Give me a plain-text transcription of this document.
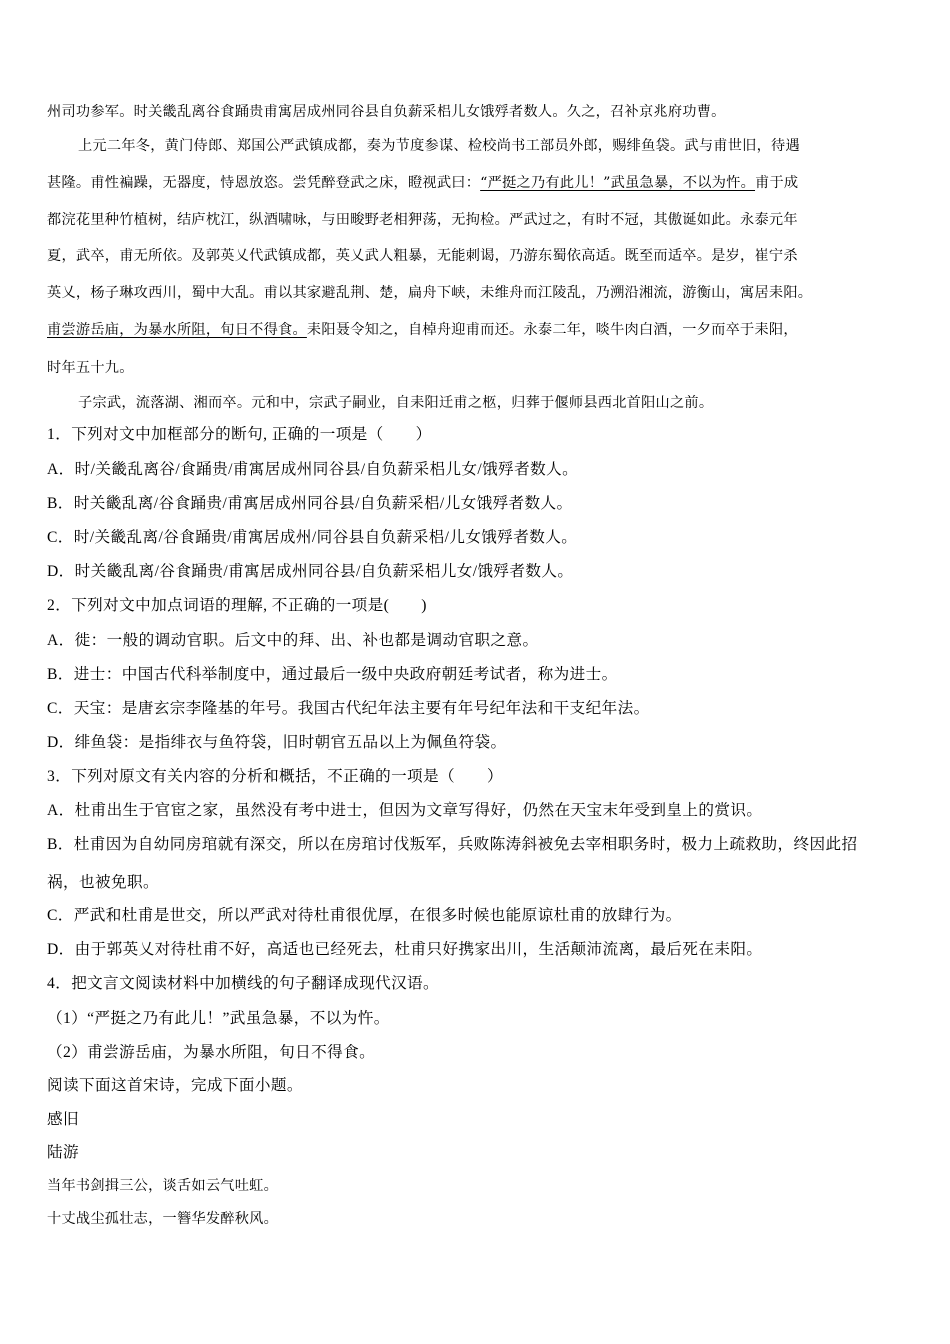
州司功参军。时关畿乱离谷食踊贵甫寓居成州同谷县自负薪采梠儿女饿殍者数人。久之，召补京兆府功曹。
上元二年冬，黄门侍郎、郑国公严武镇成都，奏为节度参谋、检校尚书工部员外郎，赐绯鱼袋。武与甫世旧，待遇
甚隆。甫性褊躁，无器度，恃恩放恣。尝凭醉登武之床，瞪视武曰：“严挺之乃有此儿！”武虽急暴，不以为忤。甫于成
都浣花里种竹植树，结庐枕江，纵酒啸咏，与田畯野老相狎荡，无拘检。严武过之，有时不冠，其傲诞如此。永泰元年
夏，武卒，甫无所依。及郭英乂代武镇成都，英乂武人粗暴，无能刺谒，乃游东蜀依高适。既至而适卒。是岁，崔宁杀
英乂，杨子琳攻西川，蜀中大乱。甫以其家避乱荆、楚，扁舟下峡，未维舟而江陵乱，乃溯沿湘流，游衡山，寓居耒阳。
甫尝游岳庙，为暴水所阻，旬日不得食。耒阳聂令知之，自棹舟迎甫而还。永泰二年，啖牛肉白酒，一夕而卒于耒阳，
时年五十九。
子宗武，流落湖、湘而卒。元和中，宗武子嗣业，自耒阳迁甫之柩，归葬于偃师县西北首阳山之前。
1．下列对文中加框部分的断句, 正确的一项是（　　）
A．时/关畿乱离谷/食踊贵/甫寓居成州同谷县/自负薪采梠儿女/饿殍者数人。
B．时关畿乱离/谷食踊贵/甫寓居成州同谷县/自负薪采梠/儿女饿殍者数人。
C．时/关畿乱离/谷食踊贵/甫寓居成州/同谷县自负薪采梠/儿女饿殍者数人。
D．时关畿乱离/谷食踊贵/甫寓居成州同谷县/自负薪采梠儿女/饿殍者数人。
2．下列对文中加点词语的理解, 不正确的一项是(　　)
A．徙：一般的调动官职。后文中的拜、出、补也都是调动官职之意。
B．进士：中国古代科举制度中，通过最后一级中央政府朝廷考试者，称为进士。
C．天宝：是唐玄宗李隆基的年号。我国古代纪年法主要有年号纪年法和干支纪年法。
D．绯鱼袋：是指绯衣与鱼符袋，旧时朝官五品以上为佩鱼符袋。
3．下列对原文有关内容的分析和概括，不正确的一项是（　　）
A．杜甫出生于官宦之家，虽然没有考中进士，但因为文章写得好，仍然在天宝末年受到皇上的赏识。
B．杜甫因为自幼同房琯就有深交，所以在房琯讨伐叛军，兵败陈涛斜被免去宰相职务时，极力上疏救助，终因此招
祸，也被免职。
C．严武和杜甫是世交，所以严武对待杜甫很优厚，在很多时候也能原谅杜甫的放肆行为。
D．由于郭英乂对待杜甫不好，高适也已经死去，杜甫只好携家出川，生活颠沛流离，最后死在耒阳。
4．把文言文阅读材料中加横线的句子翻译成现代汉语。
（1）“严挺之乃有此儿！”武虽急暴，不以为忤。
（2）甫尝游岳庙，为暴水所阻，旬日不得食。
阅读下面这首宋诗，完成下面小题。
感旧
陆游
当年书剑揖三公，谈舌如云气吐虹。
十丈战尘孤壮志，一簪华发醉秋风。
